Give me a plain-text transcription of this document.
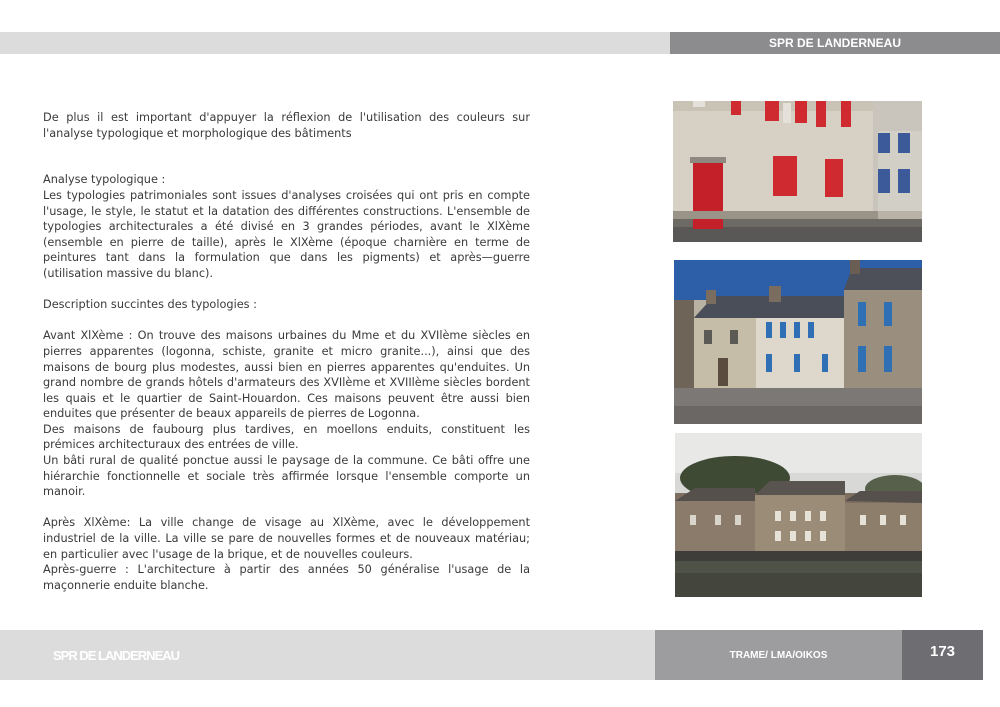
SPR DE LANDERNEAU

De plus il est important d'appuyer la réflexion de l'utilisation des couleurs sur l'analyse typologique et morphologique des bâtiments

Analyse typologique :

Les typologies patrimoniales sont issues d'analyses croisées qui ont pris en compte l'usage, le style, le statut et la datation des différentes constructions. L'ensemble de typologies architecturales a été divisé en 3 grandes périodes, avant le XlXème (ensemble en pierre de taille), après le XlXème (époque charnière en terme de peintures tant dans la formulation que dans les pigments) et après—guerre (utilisation massive du blanc).

Description succintes des typologies :

Avant XlXème : On trouve des maisons urbaines du Mme et du XVIlème siècles en pierres apparentes (logonna, schiste, granite et micro granite...), ainsi que des maisons de bourg plus modestes, aussi bien en pierres apparentes qu'enduites. Un grand nombre de grands hôtels d'armateurs des XVIlème et XVIIlème siècles bordent les quais et le quartier de Saint-Houardon. Ces maisons peuvent être aussi bien enduites que présenter de beaux appareils de pierres de Logonna.

Des maisons de faubourg plus tardives, en moellons enduits, constituent les prémices architecturaux des entrées de ville.

Un bâti rural de qualité ponctue aussi le paysage de la commune. Ce bâti offre une hiérarchie fonctionnelle et sociale très affirmée lorsque l'ensemble comporte un manoir.

Après XlXème: La ville change de visage au XlXème, avec le développement industriel de la ville. La ville se pare de nouvelles formes et de nouveaux matériau; en particulier avec l'usage de la brique, et de nouvelles couleurs.

Après-guerre : L'architecture à partir des années 50 généralise l'usage de la maçonnerie enduite blanche.

SPR DE LANDERNEAU	TRAME/ LMA/OIKOS	173
